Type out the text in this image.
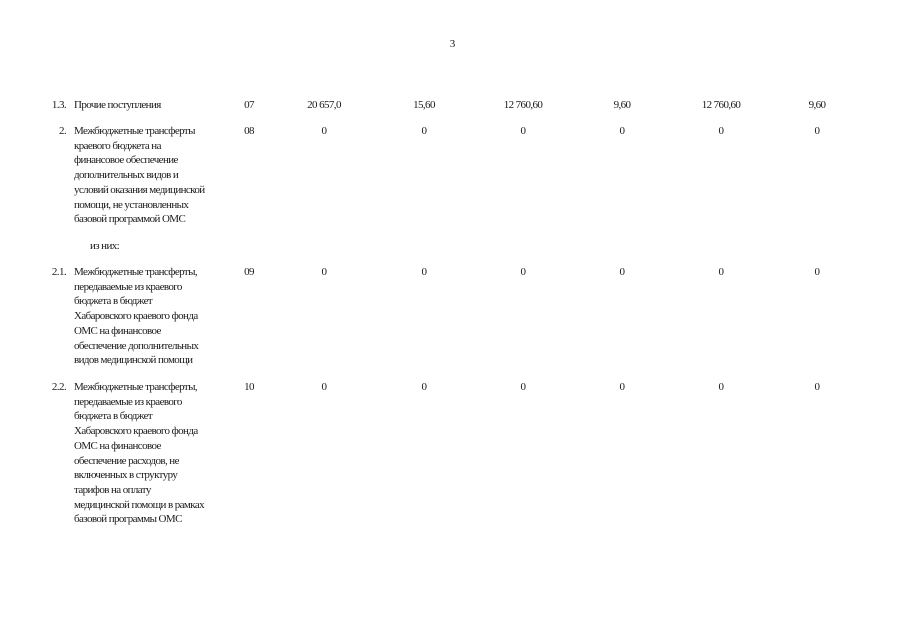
3
1.3. Прочие поступления	07	20 657,0	15,60	12 760,60	9,60	12 760,60	9,60
2. Межбюджетные трансферты
краевого бюджета на
финансовое обеспечение
дополнительных видов и
условий оказания медицинской
помощи, не установленных
базовой программой ОМС
08	0	0	0	0	0	0
из них:
2.1. Межбюджетные трансферты,
передаваемые из краевого
бюджета в бюджет
Хабаровского краевого фонда
ОМС на финансовое
обеспечение дополнительных
видов медицинской помощи
09	0	0	0	0	0	0
2.2. Межбюджетные трансферты,
передаваемые из краевого
бюджета в бюджет
Хабаровского краевого фонда
ОМС на финансовое
обеспечение расходов, не
включенных в структуру
тарифов на оплату
медицинской помощи в рамках
базовой программы ОМС
10	0	0	0	0	0	0
